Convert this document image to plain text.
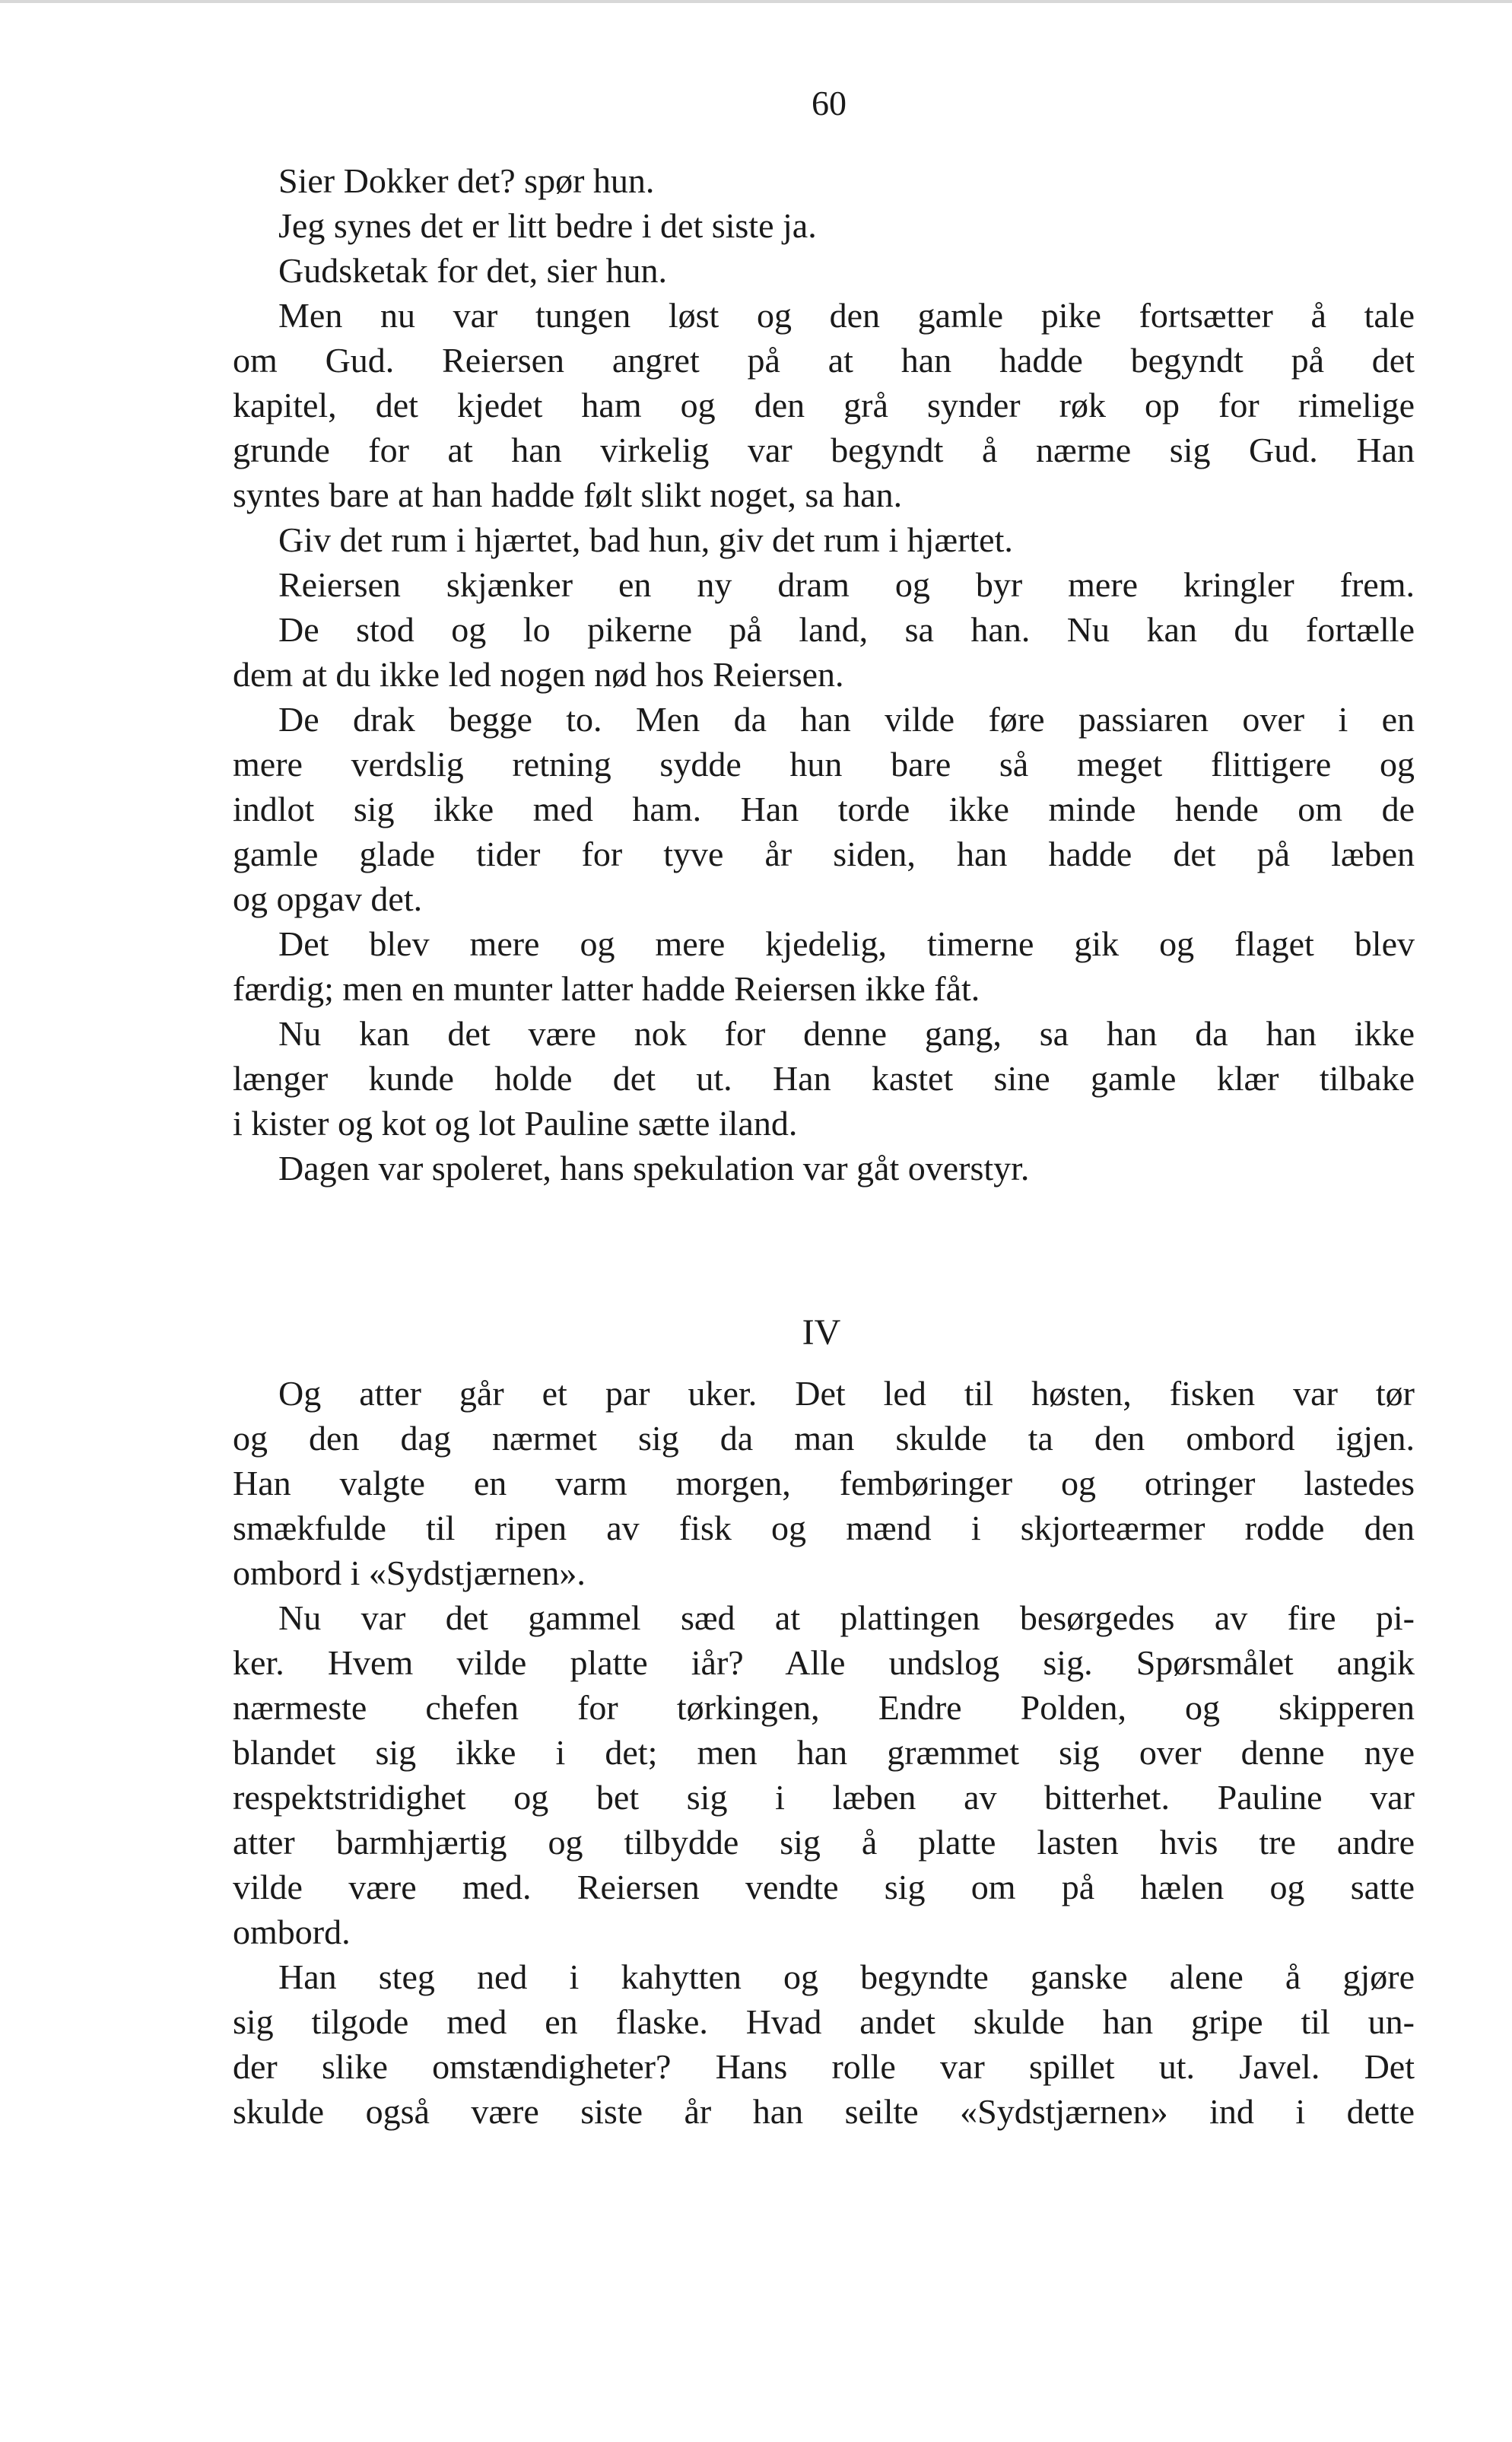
60
Sier Dokker det? spør hun.
Jeg synes det er litt bedre i det siste ja.
Gudsketak for det, sier hun.
Men nu var tungen løst og den gamle pike fortsætter å tale
om Gud. Reiersen angret på at han hadde begyndt på det
kapitel, det kjedet ham og den grå synder røk op for rimelige
grunde for at han virkelig var begyndt å nærme sig Gud. Han
syntes bare at han hadde følt slikt noget, sa han.
Giv det rum i hjærtet, bad hun, giv det rum i hjærtet.
Reiersen skjænker en ny dram og byr mere kringler frem.
De stod og lo pikerne på land, sa han. Nu kan du fortælle
dem at du ikke led nogen nød hos Reiersen.
De drak begge to. Men da han vilde føre passiaren over i en
mere verdslig retning sydde hun bare så meget flittigere og
indlot sig ikke med ham. Han torde ikke minde hende om de
gamle glade tider for tyve år siden, han hadde det på læben
og opgav det.
Det blev mere og mere kjedelig, timerne gik og flaget blev
færdig; men en munter latter hadde Reiersen ikke fåt.
Nu kan det være nok for denne gang, sa han da han ikke
længer kunde holde det ut. Han kastet sine gamle klær tilbake
i kister og kot og lot Pauline sætte iland.
Dagen var spoleret, hans spekulation var gåt overstyr.
IV
Og atter går et par uker. Det led til høsten, fisken var tør
og den dag nærmet sig da man skulde ta den ombord igjen.
Han valgte en varm morgen, fembøringer og otringer lastedes
smækfulde til ripen av fisk og mænd i skjorteærmer rodde den
ombord i «Sydstjærnen».
Nu var det gammel sæd at plattingen besørgedes av fire pi-
ker. Hvem vilde platte iår? Alle undslog sig. Spørsmålet angik
nærmeste chefen for tørkingen, Endre Polden, og skipperen
blandet sig ikke i det; men han græmmet sig over denne nye
respektstridighet og bet sig i læben av bitterhet. Pauline var
atter barmhjærtig og tilbydde sig å platte lasten hvis tre andre
vilde være med. Reiersen vendte sig om på hælen og satte
ombord.
Han steg ned i kahytten og begyndte ganske alene å gjøre
sig tilgode med en flaske. Hvad andet skulde han gripe til un-
der slike omstændigheter? Hans rolle var spillet ut. Javel. Det
skulde også være siste år han seilte «Sydstjærnen» ind i dette
